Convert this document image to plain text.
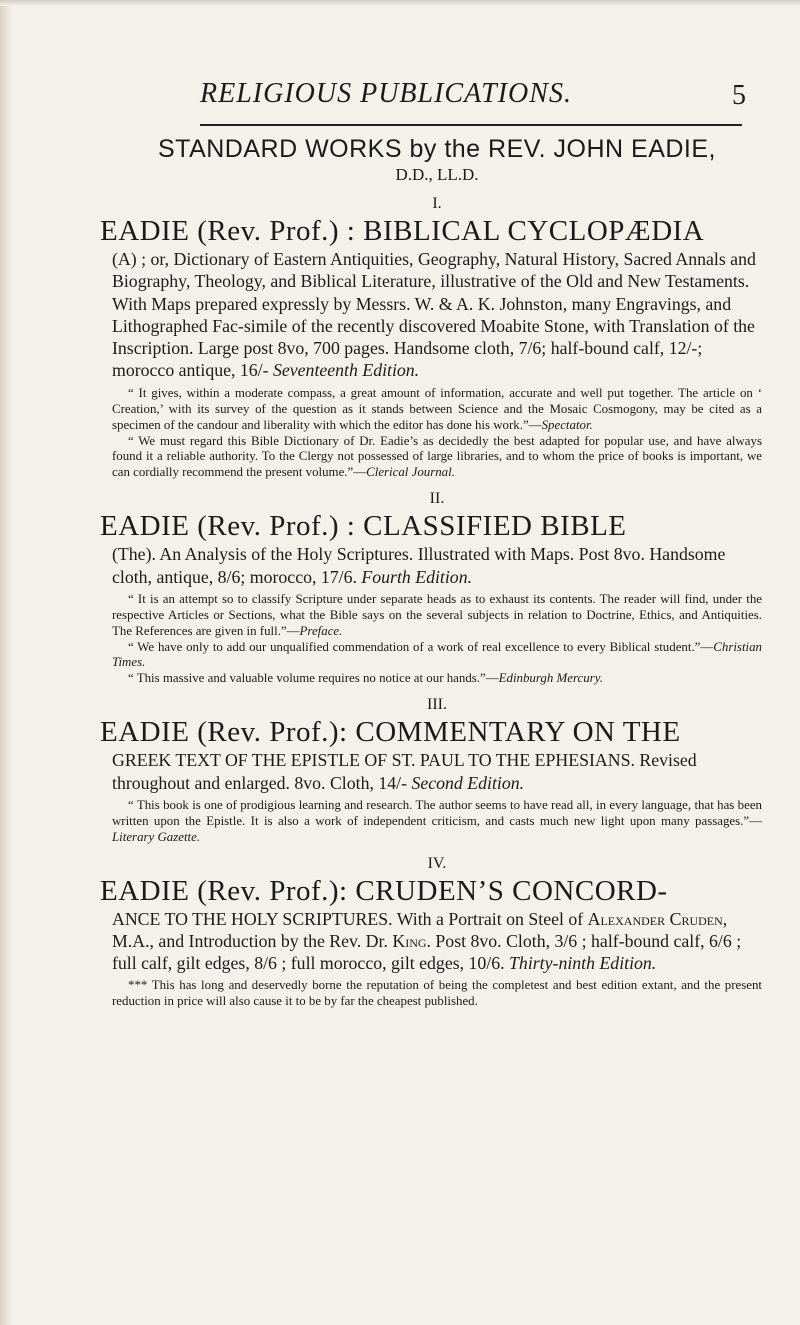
RELIGIOUS PUBLICATIONS.	5

STANDARD WORKS by the REV. JOHN EADIE,

D.D., LL.D.

I.

EADIE (Rev. Prof.) : BIBLICAL CYCLOPÆDIA

(A) ; or, Dictionary of Eastern Antiquities, Geography, Natural History, Sacred Annals and Biography, Theology, and Biblical Literature, illustrative of the Old and New Testaments. With Maps prepared expressly by Messrs. W. & A. K. Johnston, many Engravings, and Lithographed Fac-simile of the recently discovered Moabite Stone, with Translation of the Inscription. Large post 8vo, 700 pages. Handsome cloth, 7/6; half-bound calf, 12/-; morocco antique, 16/- Seventeenth Edition.

“ It gives, within a moderate compass, a great amount of information, accurate and well put together. The article on ‘ Creation,’ with its survey of the question as it stands between Science and the Mosaic Cosmogony, may be cited as a specimen of the candour and liberality with which the editor has done his work.”—Spectator.

“ We must regard this Bible Dictionary of Dr. Eadie’s as decidedly the best adapted for popular use, and have always found it a reliable authority. To the Clergy not possessed of large libraries, and to whom the price of books is important, we can cordially recommend the present volume.”—Clerical Journal.

II.

EADIE (Rev. Prof.) : CLASSIFIED BIBLE

(The). An Analysis of the Holy Scriptures. Illustrated with Maps. Post 8vo. Handsome cloth, antique, 8/6; morocco, 17/6. Fourth Edition.

“ It is an attempt so to classify Scripture under separate heads as to exhaust its contents. The reader will find, under the respective Articles or Sections, what the Bible says on the several subjects in relation to Doctrine, Ethics, and Antiquities. The References are given in full.”—Preface.

“ We have only to add our unqualified commendation of a work of real excellence to every Biblical student.”—Christian Times.

“ This massive and valuable volume requires no notice at our hands.”—Edinburgh Mercury.

III.

EADIE (Rev. Prof.): COMMENTARY ON THE

GREEK TEXT OF THE EPISTLE OF ST. PAUL TO THE EPHESIANS. Revised throughout and enlarged. 8vo. Cloth, 14/- Second Edition.

“ This book is one of prodigious learning and research. The author seems to have read all, in every language, that has been written upon the Epistle. It is also a work of independent criticism, and casts much new light upon many passages.”—Literary Gazette.

IV.

EADIE (Rev. Prof.): CRUDEN’S CONCORD-

ANCE TO THE HOLY SCRIPTURES. With a Portrait on Steel of Alexander Cruden, M.A., and Introduction by the Rev. Dr. King. Post 8vo. Cloth, 3/6 ; half-bound calf, 6/6 ; full calf, gilt edges, 8/6 ; full morocco, gilt edges, 10/6. Thirty-ninth Edition.

*** This has long and deservedly borne the reputation of being the completest and best edition extant, and the present reduction in price will also cause it to be by far the cheapest published.
